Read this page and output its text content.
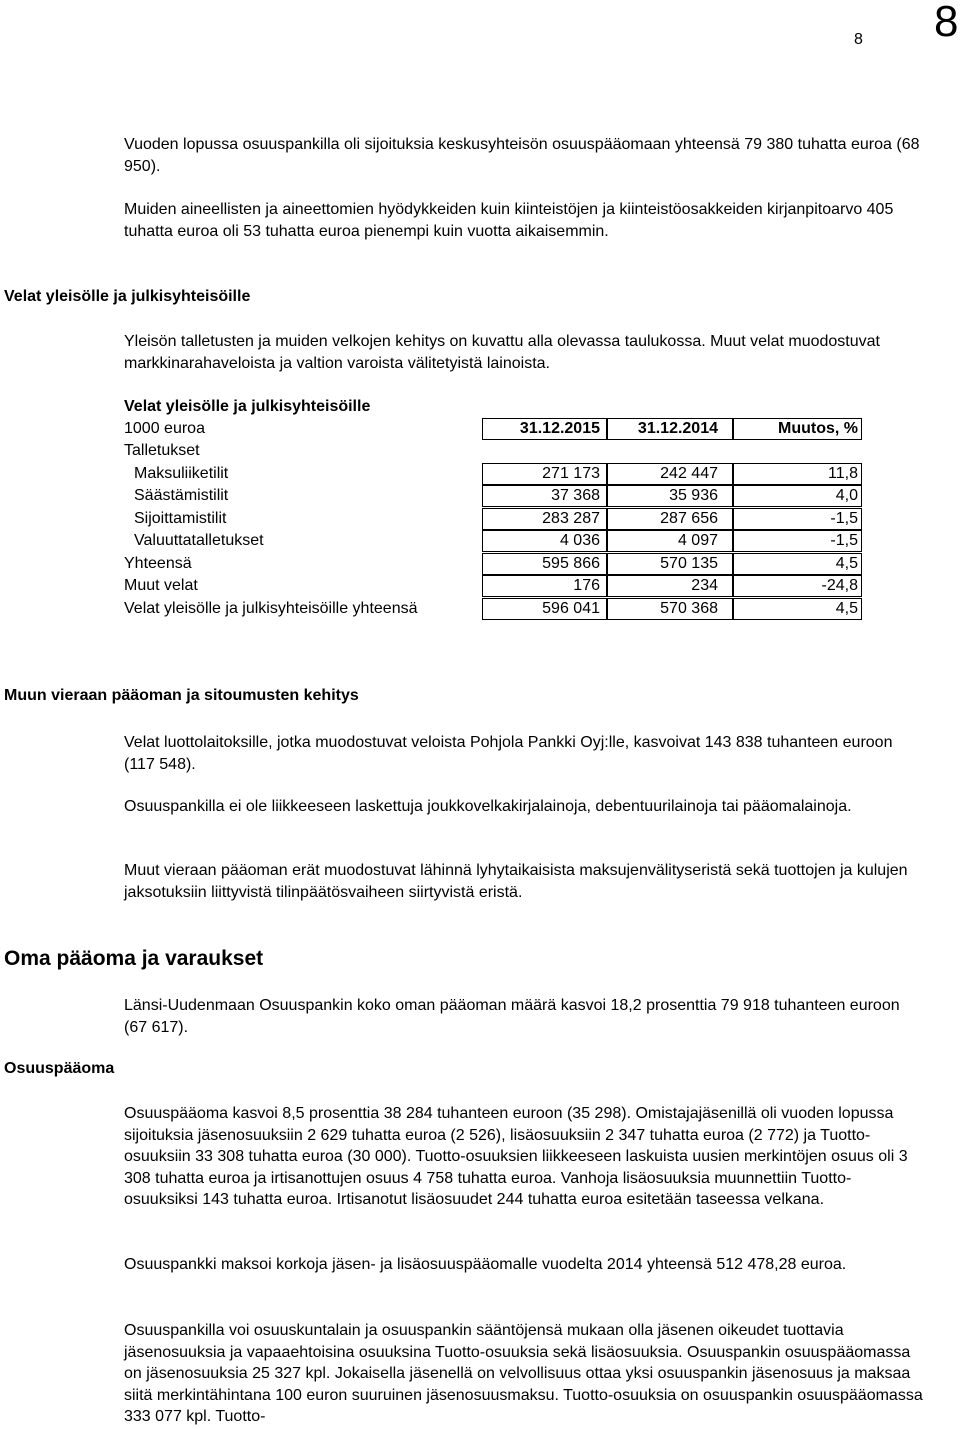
8 8
Vuoden lopussa osuuspankilla oli sijoituksia keskusyhteisön osuuspääomaan yhteensä 79 380 tuhatta euroa (68 950).
Muiden aineellisten ja aineettomien hyödykkeiden kuin kiinteistöjen ja kiinteistöosakkeiden kirjanpitoarvo 405 tuhatta euroa oli 53 tuhatta euroa pienempi kuin vuotta aikaisemmin.
Velat yleisölle ja julkisyhteisöille
Yleisön talletusten ja muiden velkojen kehitys on kuvattu alla olevassa taulukossa. Muut velat muodostuvat markkinarahaveloista ja valtion varoista välitetyistä lainoista.
Velat yleisölle ja julkisyhteisöille
1000 euroa	31.12.2015	31.12.2014	Muutos, %
Talletukset
Maksuliiketilit	271 173	242 447	11,8
Säästämistilit	37 368	35 936	4,0
Sijoittamistilit	283 287	287 656	-1,5
Valuuttatalletukset	4 036	4 097	-1,5
Yhteensä	595 866	570 135	4,5
Muut velat	176	234	-24,8
Velat yleisölle ja julkisyhteisöille yhteensä	596 041	570 368	4,5
Muun vieraan pääoman ja sitoumusten kehitys
Velat luottolaitoksille, jotka muodostuvat veloista Pohjola Pankki Oyj:lle, kasvoivat 143 838 tuhanteen euroon (117 548).
Osuuspankilla ei ole liikkeeseen laskettuja joukkovelkakirjalainoja, debentuurilainoja tai pääomalainoja.
Muut vieraan pääoman erät muodostuvat lähinnä lyhytaikaisista maksujenvälityseristä sekä tuottojen ja kulujen jaksotuksiin liittyvistä tilinpäätösvaiheen siirtyvistä eristä.
Oma pääoma ja varaukset
Länsi-Uudenmaan Osuuspankin koko oman pääoman määrä kasvoi 18,2 prosenttia 79 918 tuhanteen euroon (67 617).
Osuuspääoma
Osuuspääoma kasvoi 8,5 prosenttia 38 284 tuhanteen euroon (35 298). Omistajajäsenillä oli vuoden lopussa sijoituksia jäsenosuuksiin 2 629 tuhatta euroa (2 526), lisäosuuksiin 2 347 tuhatta euroa (2 772) ja Tuotto-osuuksiin 33 308 tuhatta euroa (30 000). Tuotto-osuuksien liikkeeseen laskuista uusien merkintöjen osuus oli 3 308 tuhatta euroa ja irtisanottujen osuus 4 758 tuhatta euroa. Vanhoja lisäosuuksia muunnettiin Tuotto-osuuksiksi 143 tuhatta euroa. Irtisanotut lisäosuudet 244 tuhatta euroa esitetään taseessa velkana.
Osuuspankki maksoi korkoja jäsen- ja lisäosuuspääomalle vuodelta 2014 yhteensä 512 478,28 euroa.
Osuuspankilla voi osuuskuntalain ja osuuspankin sääntöjensä mukaan olla jäsenen oikeudet tuottavia jäsenosuuksia ja vapaaehtoisina osuuksina Tuotto-osuuksia sekä lisäosuuksia. Osuuspankin osuuspääomassa on jäsenosuuksia 25 327 kpl. Jokaisella jäsenellä on velvollisuus ottaa yksi osuuspankin jäsenosuus ja maksaa siitä merkintähintana 100 euron suuruinen jäsenosuusmaksu. Tuotto-osuuksia on osuuspankin osuuspääomassa 333 077 kpl. Tuotto-
